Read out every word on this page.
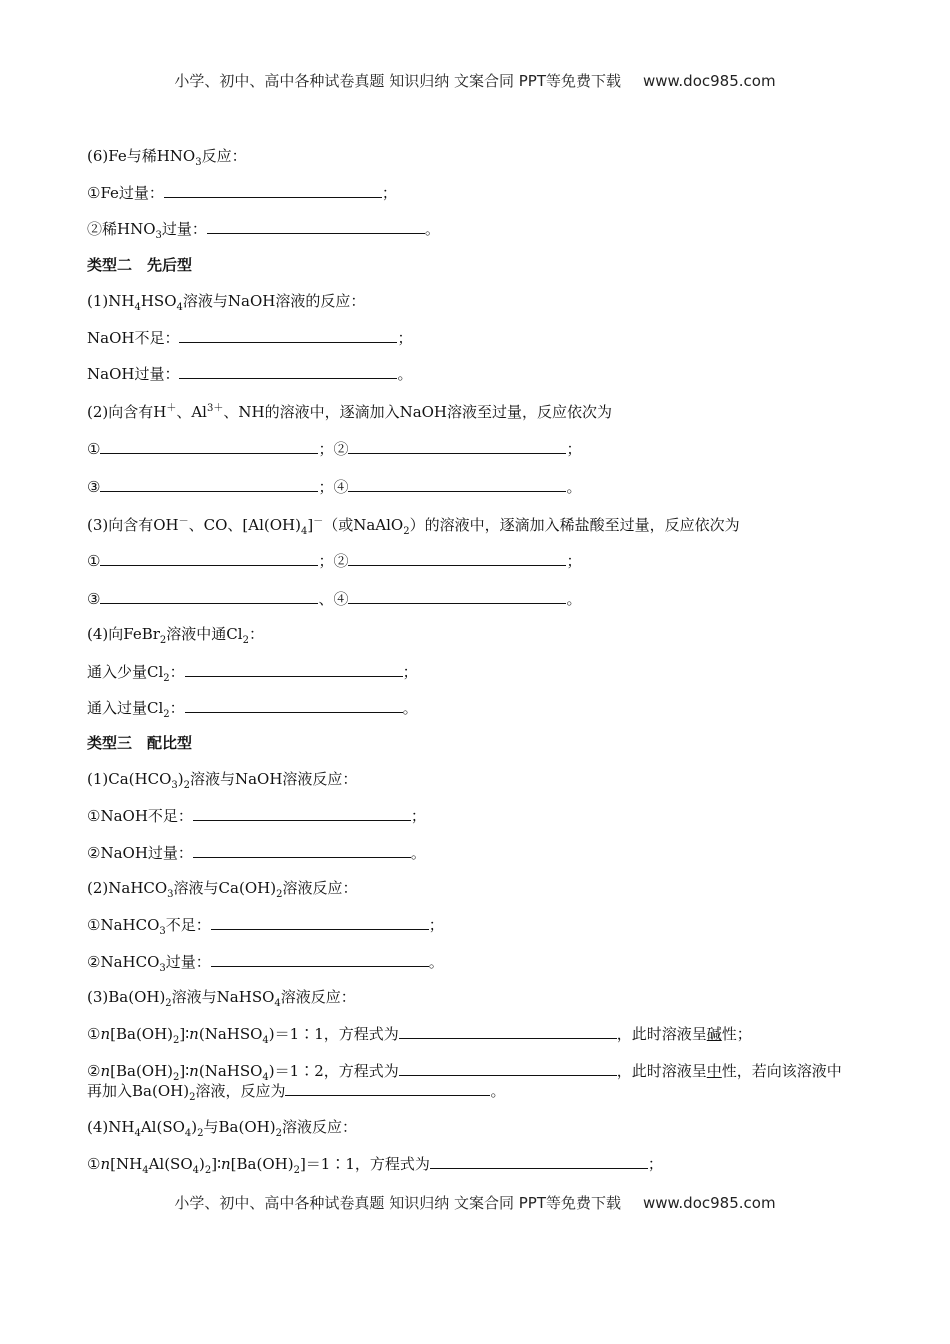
小学、初中、高中各种试卷真题 知识归纳 文案合同 PPT等免费下载 www.doc985.com
(6)Fe与稀$HNO_3$反应：
①Fe过量：	；
②稀$HNO_3$过量：	。
类型二　先后型
$(1)NH_4HSO_4$溶液与NaOH溶液的反应：
NaOH不足：	；
NaOH过量：	。
(2)向含有H＋、$Al^{3+}$、NH的溶液中，逐滴加入NaOH溶液至过量，反应依次为
①	；②	；
③	；④	。
(3)向含有OH－、CO、$[Al(OH)_4]^-$（或NaAlO$_2$）的溶液中，逐滴加入稀盐酸至过量，反应依次为
①	；②	；
③	、④	。
(4)向FeBr$_2$溶液中通$Cl_2$：
通入少量$Cl_2$：	；
通入过量$Cl_2$：	。
类型三　配比型
$(1)Ca(HCO_3)_2$溶液与NaOH溶液反应：
①NaOH不足：	；
②NaOH过量：	。
(2)NaHCO$_3$溶液与$Ca(OH)_2$溶液反应：
①NaHCO$_3$不足：	；
②NaHCO$_3$过量：	。
$(3)Ba(OH)_2$溶液与NaHSO$_4$溶液反应：
$①n[Ba(OH)_2]∶n(NaHSO_4)=1∶1$，方程式为	，此时溶液呈碱性；
$②n[Ba(OH)_2]∶n(NaHSO_4)=1∶2$，方程式为	，此时溶液呈中性，若向该溶液中
再加入$Ba(OH)_2$溶液，反应为	。
$(4)NH_4Al(SO_4)_2$与$Ba(OH)_2$溶液反应：
$①n[NH_4Al(SO_4)_2]∶n[Ba(OH)_2]=1∶1$，方程式为	；
小学、初中、高中各种试卷真题 知识归纳 文案合同 PPT等免费下载 www.doc985.com
